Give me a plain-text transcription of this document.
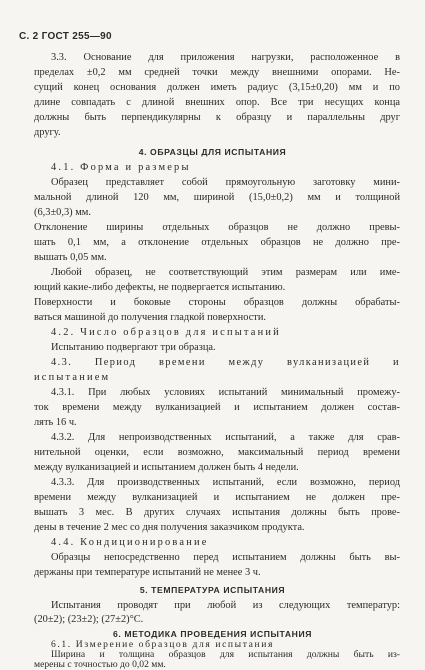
С. 2 ГОСТ 255—90
3.3. Основание для приложения нагрузки, расположенное в
пределах ±0,2 мм средней точки между внешними опорами. Не-
сущий конец основания должен иметь радиус (3,15±0,20) мм и по
длине совпадать с длиной внешних опор. Все три несущих конца
должны быть перпендикулярны к образцу и параллельны друг
другу.
4. ОБРАЗЦЫ ДЛЯ ИСПЫТАНИЯ
4.1. Форма и размеры
Образец представляет собой прямоугольную заготовку мини-
мальной длиной 120 мм, шириной (15,0±0,2) мм и толщиной
(6,3±0,3) мм.
Отклонение ширины отдельных образцов не должно превы-
шать 0,1 мм, а отклонение отдельных образцов не должно пре-
вышать 0,05 мм.
Любой образец, не соответствующий этим размерам или име-
ющий какие-либо дефекты, не подвергается испытанию.
Поверхности и боковые стороны образцов должны обрабаты-
ваться машиной до получения гладкой поверхности.
4.2. Число образцов для испытаний
Испытанию подвергают три образца.
4.3. Период времени между вулканизацией и
испытанием
4.3.1. При любых условиях испытаний минимальный промежу-
ток времени между вулканизацией и испытанием должен состав-
лять 16 ч.
4.3.2. Для непроизводственных испытаний, а также для срав-
нительной оценки, если возможно, максимальный период времени
между вулканизацией и испытанием должен быть 4 недели.
4.3.3. Для производственных испытаний, если возможно, период
времени между вулканизацией и испытанием не должен пре-
вышать 3 мес. В других случаях испытания должны быть прове-
дены в течение 2 мес со дня получения заказчиком продукта.
4.4. Кондиционирование
Образцы непосредственно перед испытанием должны быть вы-
держаны при температуре испытаний не менее 3 ч.
5. ТЕМПЕРАТУРА ИСПЫТАНИЯ
Испытания проводят при любой из следующих температур:
(20±2); (23±2); (27±2)°С.
6. МЕТОДИКА ПРОВЕДЕНИЯ ИСПЫТАНИЯ
6.1. Измерение образцов для испытания
Ширина и толщина образцов для испытания должны быть из-
мерены с точностью до 0,02 мм.
